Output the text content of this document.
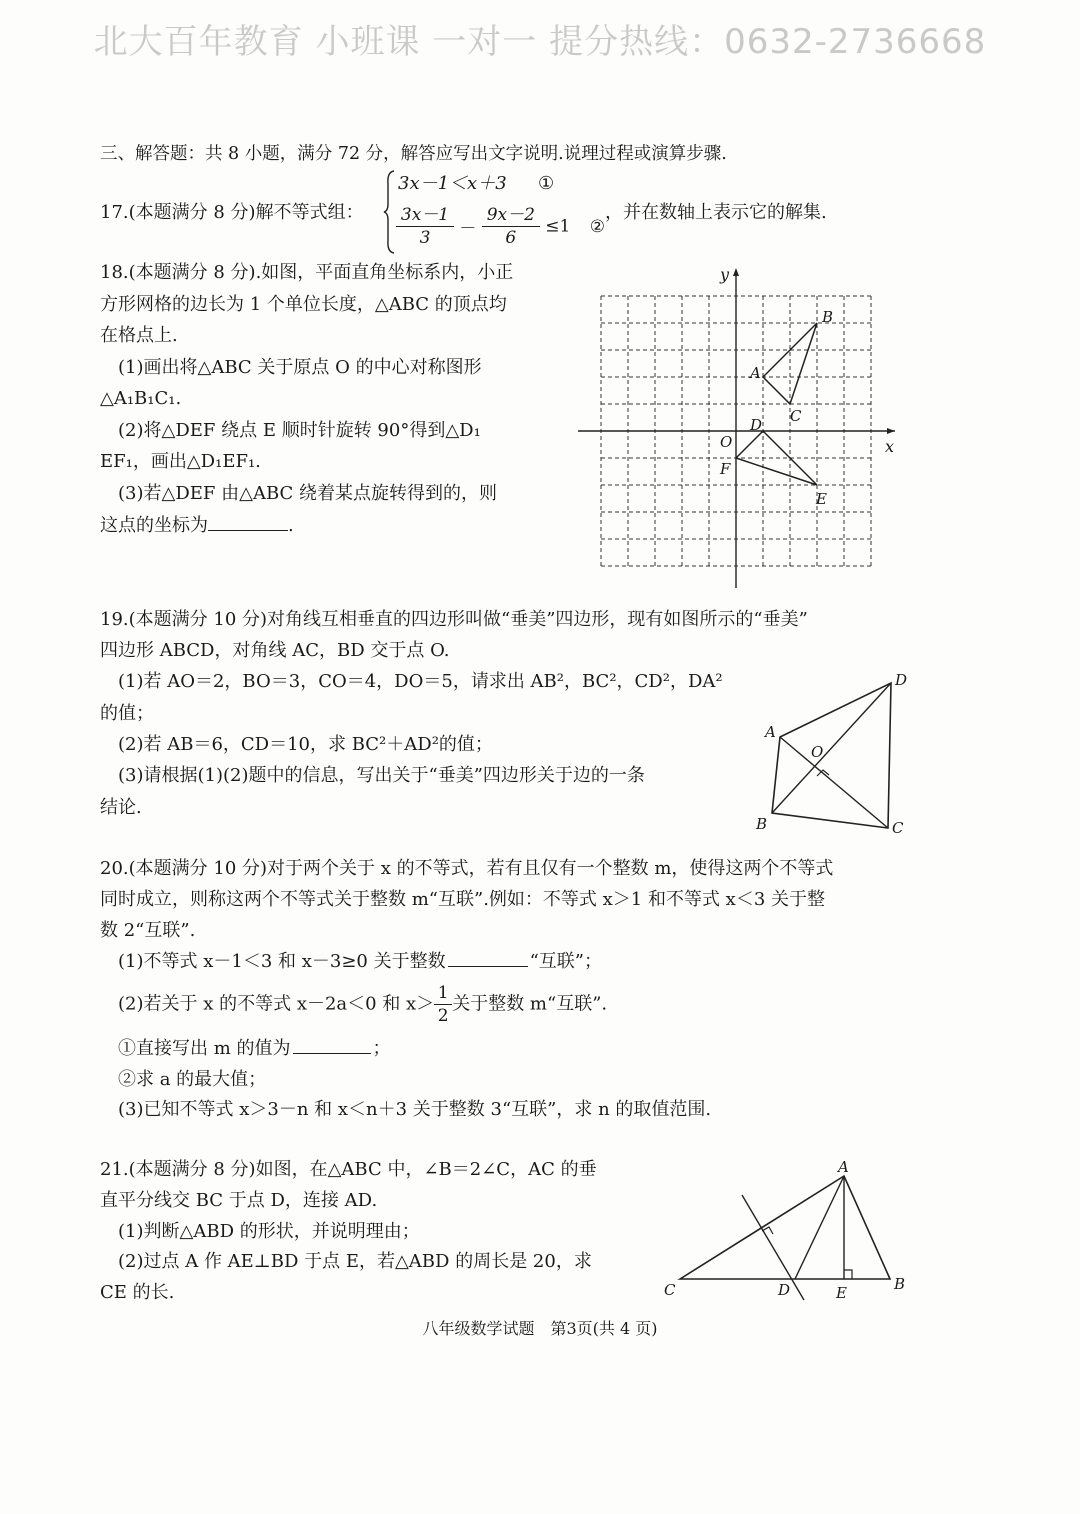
北大百年教育 小班课 一对一 提分热线：0632-2736668
三、解答题：共 8 小题，满分 72 分，解答应写出文字说明.说理过程或演算步骤.
17.(本题满分 8 分)解不等式组：
3x－1＜x＋3 ①
$\frac{3x-1}{3} - \frac{9x-2}{6} \le 1$ ②
，并在数轴上表示它的解集.
18.(本题满分 8 分).如图，平面直角坐标系内，小正
方形网格的边长为 1 个单位长度，△ABC 的顶点均
在格点上.
(1)画出将△ABC 关于原点 O 的中心对称图形
△A₁B₁C₁.
(2)将△DEF 绕点 E 顺时针旋转 90°得到△D₁
EF₁，画出△D₁EF₁.
(3)若△DEF 由△ABC 绕着某点旋转得到的，则
这点的坐标为	.
x
y
O
B
A
C
D
F
E
19.(本题满分 10 分)对角线互相垂直的四边形叫做“垂美”四边形，现有如图所示的“垂美”
四边形 ABCD，对角线 AC，BD 交于点 O.
(1)若 AO＝2，BO＝3，CO＝4，DO＝5，请求出 AB²，BC²，CD²，DA²
的值；
(2)若 AB＝6，CD＝10，求 BC²＋AD²的值；
(3)请根据(1)(2)题中的信息，写出关于“垂美”四边形关于边的一条
结论.
A
D
B	C
O
20.(本题满分 10 分)对于两个关于 x 的不等式，若有且仅有一个整数 m，使得这两个不等式
同时成立，则称这两个不等式关于整数 m“互联”.例如：不等式 x＞1 和不等式 x＜3 关于整
数 2“互联”.
(1)不等式 x－1＜3 和 x－3≥0 关于整数	“互联”；
(2)若关于 x 的不等式 x－2a＜0 和 $x> \frac{1}{2}$ 关于整数 m“互联”.
①直接写出 m 的值为	；
②求 a 的最大值；
(3)已知不等式 x＞3－n 和 x＜n＋3 关于整数 3“互联”，求 n 的取值范围.
21.(本题满分 8 分)如图，在△ABC 中，∠B＝2∠C，AC 的垂
直平分线交 BC 于点 D，连接 AD.
(1)判断△ABD 的形状，并说明理由；
(2)过点 A 作 AE⊥BD 于点 E，若△ABD 的周长是 20，求
CE 的长.
A
C	D	E	B
八年级数学试题　第3页(共 4 页)
